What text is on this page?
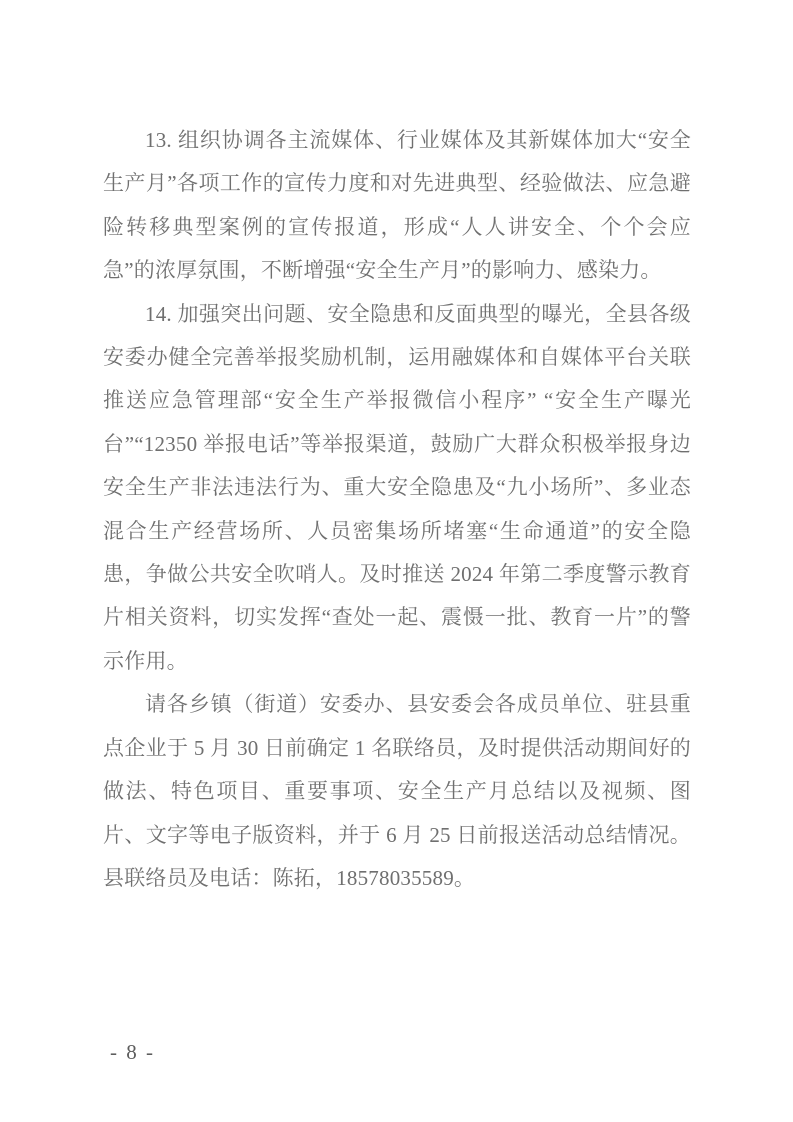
13. 组织协调各主流媒体、行业媒体及其新媒体加大“安全生产月”各项工作的宣传力度和对先进典型、经验做法、应急避险转移典型案例的宣传报道，形成“人人讲安全、个个会应急”的浓厚氛围，不断增强“安全生产月”的影响力、感染力。

14. 加强突出问题、安全隐患和反面典型的曝光，全县各级安委办健全完善举报奖励机制，运用融媒体和自媒体平台关联推送应急管理部“安全生产举报微信小程序” “安全生产曝光台”“12350 举报电话”等举报渠道，鼓励广大群众积极举报身边安全生产非法违法行为、重大安全隐患及“九小场所”、多业态混合生产经营场所、人员密集场所堵塞“生命通道”的安全隐患，争做公共安全吹哨人。及时推送 2024 年第二季度警示教育片相关资料，切实发挥“查处一起、震慑一批、教育一片”的警示作用。

请各乡镇（街道）安委办、县安委会各成员单位、驻县重点企业于 5 月 30 日前确定 1 名联络员，及时提供活动期间好的做法、特色项目、重要事项、安全生产月总结以及视频、图片、文字等电子版资料，并于 6 月 25 日前报送活动总结情况。县联络员及电话：陈拓，18578035589。

- 8 -
